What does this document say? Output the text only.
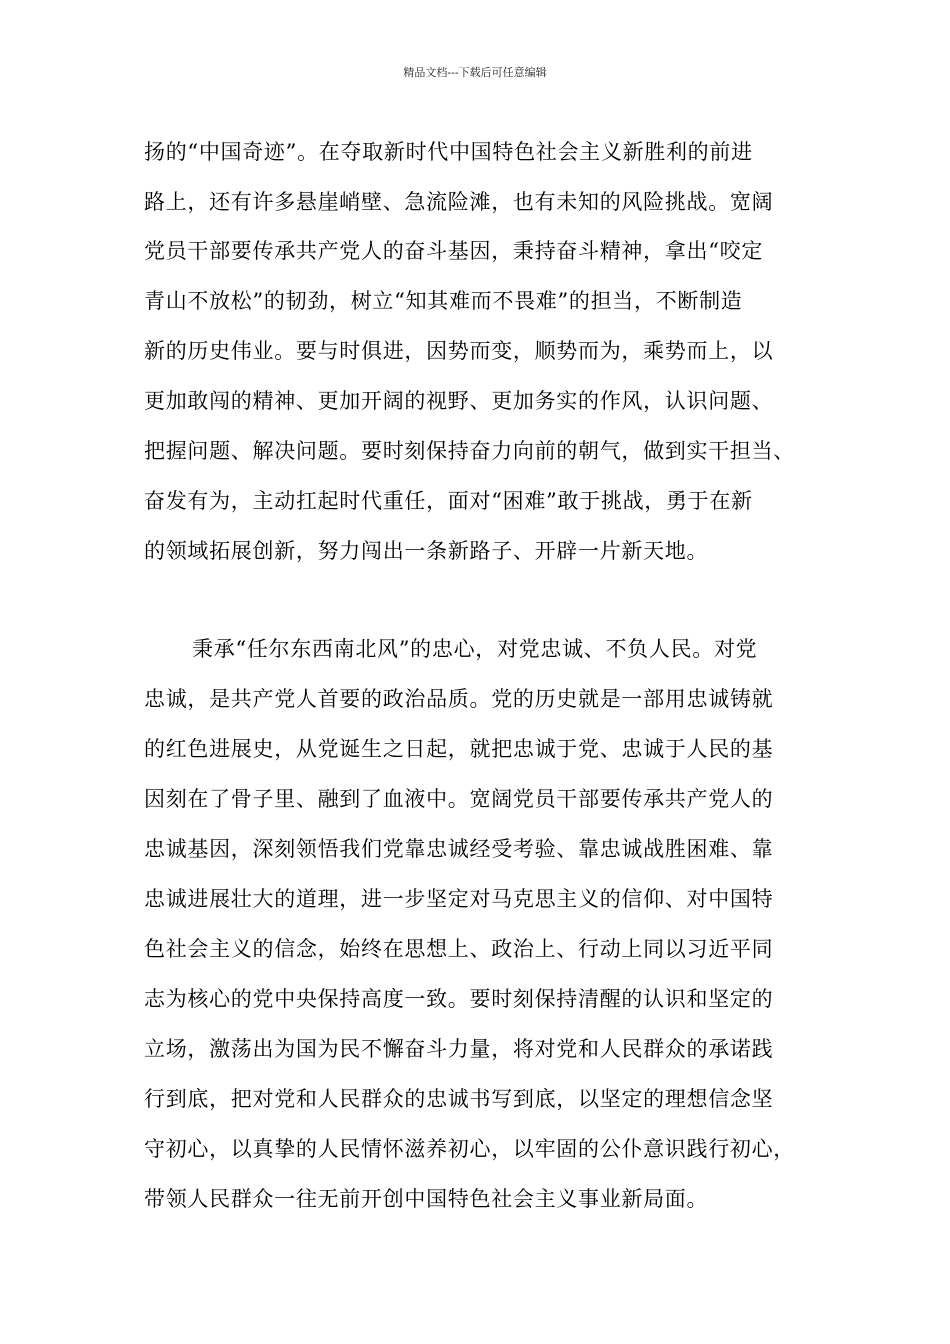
精品文档---下载后可任意编辑
扬的“中国奇迹”。在夺取新时代中国特色社会主义新胜利的前进
路上，还有许多悬崖峭壁、急流险滩，也有未知的风险挑战。宽阔
党员干部要传承共产党人的奋斗基因，秉持奋斗精神，拿出“咬定
青山不放松”的韧劲，树立“知其难而不畏难”的担当，不断制造
新的历史伟业。要与时俱进，因势而变，顺势而为，乘势而上，以
更加敢闯的精神、更加开阔的视野、更加务实的作风，认识问题、
把握问题、解决问题。要时刻保持奋力向前的朝气，做到实干担当、
奋发有为，主动扛起时代重任，面对“困难”敢于挑战，勇于在新
的领域拓展创新，努力闯出一条新路子、开辟一片新天地。
秉承“任尔东西南北风”的忠心，对党忠诚、不负人民。对党
忠诚，是共产党人首要的政治品质。党的历史就是一部用忠诚铸就
的红色进展史，从党诞生之日起，就把忠诚于党、忠诚于人民的基
因刻在了骨子里、融到了血液中。宽阔党员干部要传承共产党人的
忠诚基因，深刻领悟我们党靠忠诚经受考验、靠忠诚战胜困难、靠
忠诚进展壮大的道理，进一步坚定对马克思主义的信仰、对中国特
色社会主义的信念，始终在思想上、政治上、行动上同以习近平同
志为核心的党中央保持高度一致。要时刻保持清醒的认识和坚定的
立场，激荡出为国为民不懈奋斗力量，将对党和人民群众的承诺践
行到底，把对党和人民群众的忠诚书写到底，以坚定的理想信念坚
守初心，以真挚的人民情怀滋养初心，以牢固的公仆意识践行初心，
带领人民群众一往无前开创中国特色社会主义事业新局面。
